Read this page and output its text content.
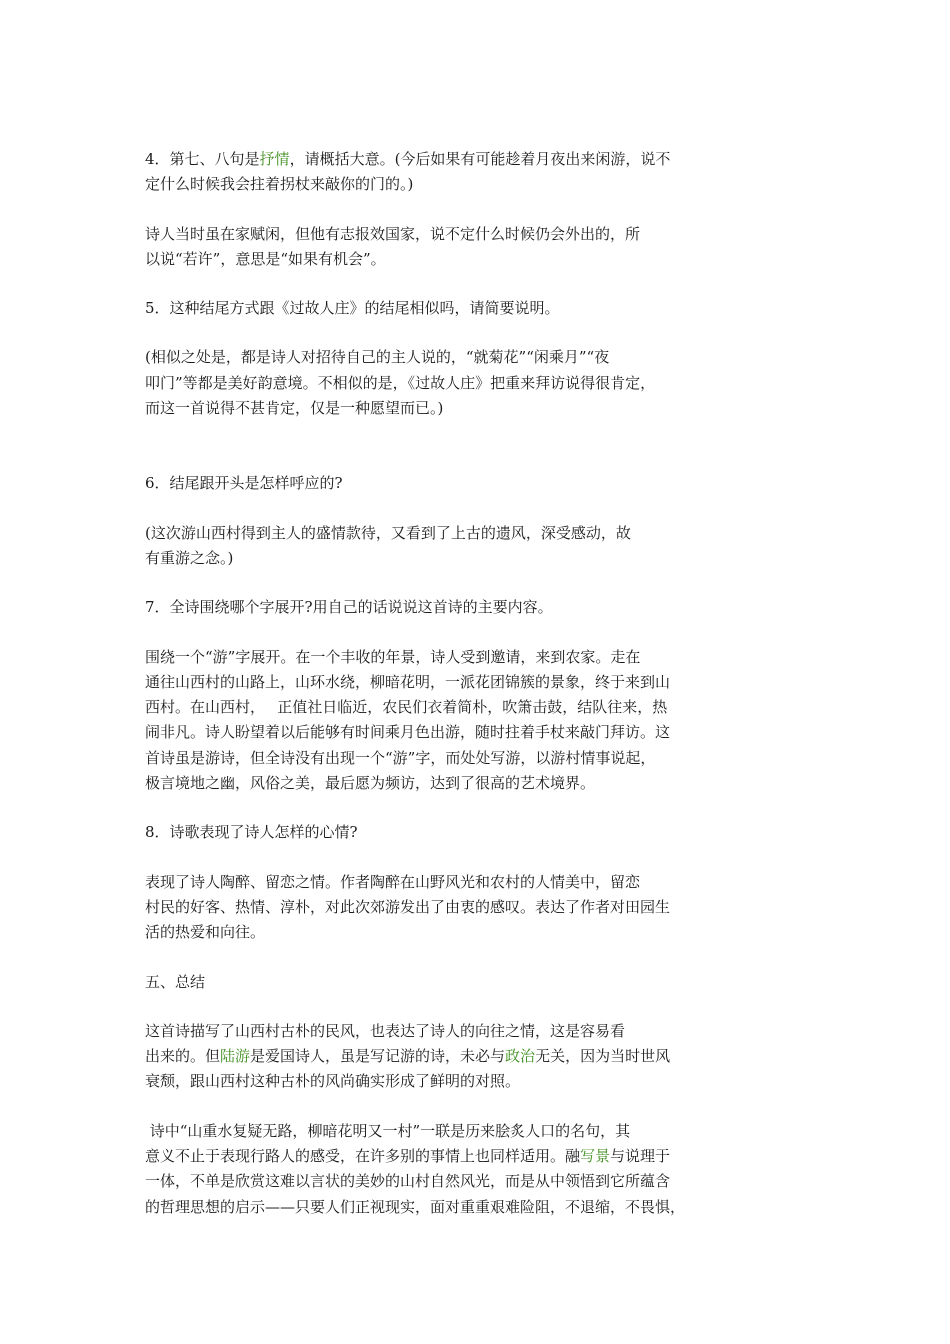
4．第七、八句是抒情，请概括大意。(今后如果有可能趁着月夜出来闲游，说不
定什么时候我会拄着拐杖来敲你的门的。)

诗人当时虽在家赋闲，但他有志报效国家，说不定什么时候仍会外出的，所
以说“若许”，意思是“如果有机会”。

5．这种结尾方式跟《过故人庄》的结尾相似吗，请简要说明。

(相似之处是，都是诗人对招待自己的主人说的，“就菊花”“闲乘月”“夜
叩门”等都是美好韵意境。不相似的是，《过故人庄》把重来拜访说得很肯定，
而这一首说得不甚肯定，仅是一种愿望而已。)

6．结尾跟开头是怎样呼应的?

(这次游山西村得到主人的盛情款待，又看到了上古的遗风，深受感动，故
有重游之念。)

7．全诗围绕哪个字展开?用自己的话说说这首诗的主要内容。

围绕一个“游”字展开。在一个丰收的年景，诗人受到邀请，来到农家。走在
通往山西村的山路上，山环水绕，柳暗花明，一派花团锦簇的景象，终于来到山
西村。在山西村，　 正值社日临近，农民们衣着简朴，吹箫击鼓，结队往来，热
闹非凡。诗人盼望着以后能够有时间乘月色出游，随时拄着手杖来敲门拜访。这
首诗虽是游诗，但全诗没有出现一个“游”字，而处处写游，以游村情事说起，
极言境地之幽，风俗之美，最后愿为频访，达到了很高的艺术境界。

8．诗歌表现了诗人怎样的心情?

表现了诗人陶醉、留恋之情。作者陶醉在山野风光和农村的人情美中，留恋
村民的好客、热情、淳朴，对此次郊游发出了由衷的感叹。表达了作者对田园生
活的热爱和向往。

五、总结

这首诗描写了山西村古朴的民风，也表达了诗人的向往之情，这是容易看
出来的。但陆游是爱国诗人，虽是写记游的诗，未必与政治无关，因为当时世风
衰颓，跟山西村这种古朴的风尚确实形成了鲜明的对照。

诗中“山重水复疑无路，柳暗花明又一村”一联是历来脍炙人口的名句，其
意义不止于表现行路人的感受，在许多别的事情上也同样适用。融写景与说理于
一体，不单是欣赏这难以言状的美妙的山村自然风光，而是从中领悟到它所蕴含
的哲理思想的启示——只要人们正视现实，面对重重艰难险阻，不退缩，不畏惧，
